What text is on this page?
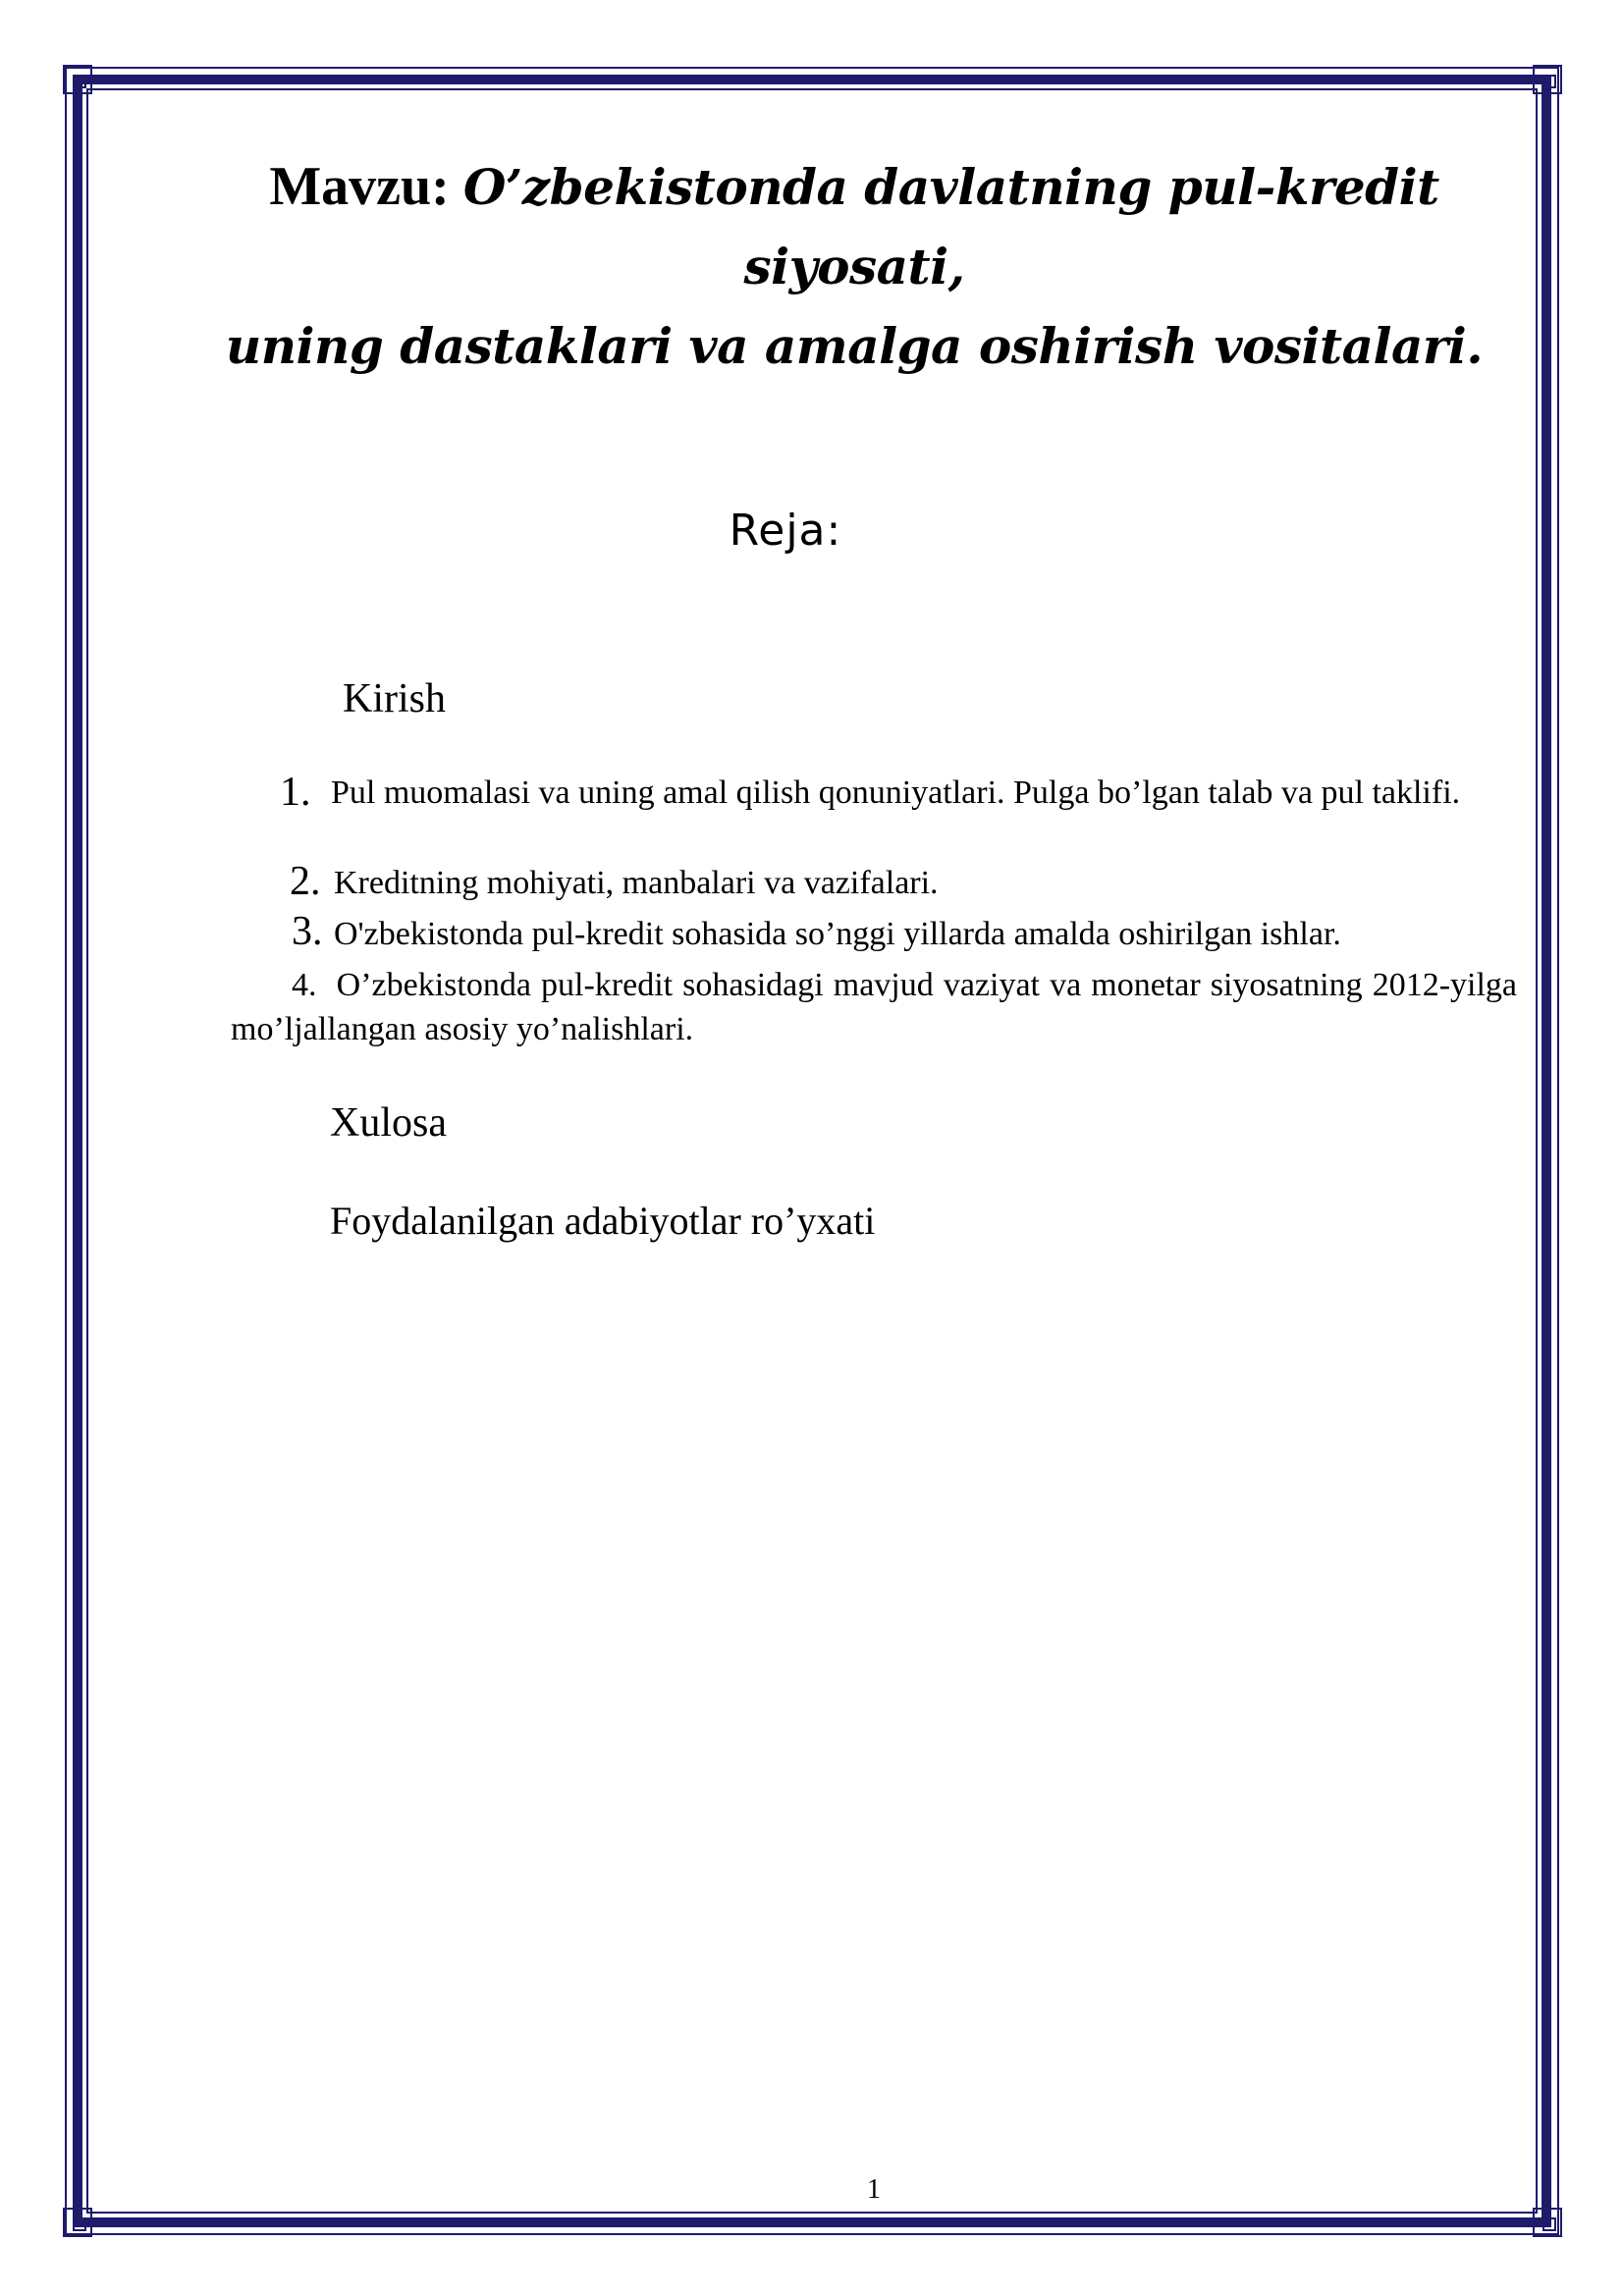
Mavzu: O’zbekistonda davlatning pul-kredit siyosati,
uning dastaklari va amalga oshirish vositalari.
Reja:
Kirish
1. Pul muomalasi va uning amal qilish qonuniyatlari. Pulga bo’lgan talab va pul taklifi.
2. Kreditning mohiyati, manbalari va vazifalari.
3. O'zbekistonda pul-kredit sohasida so’nggi yillarda amalda oshirilgan ishlar.
4. O’zbekistonda pul-kredit sohasidagi mavjud vaziyat va monetar siyosatning 2012-yilga mo’ljallangan asosiy yo’nalishlari.
Xulosa
Foydalanilgan adabiyotlar ro’yxati
1
